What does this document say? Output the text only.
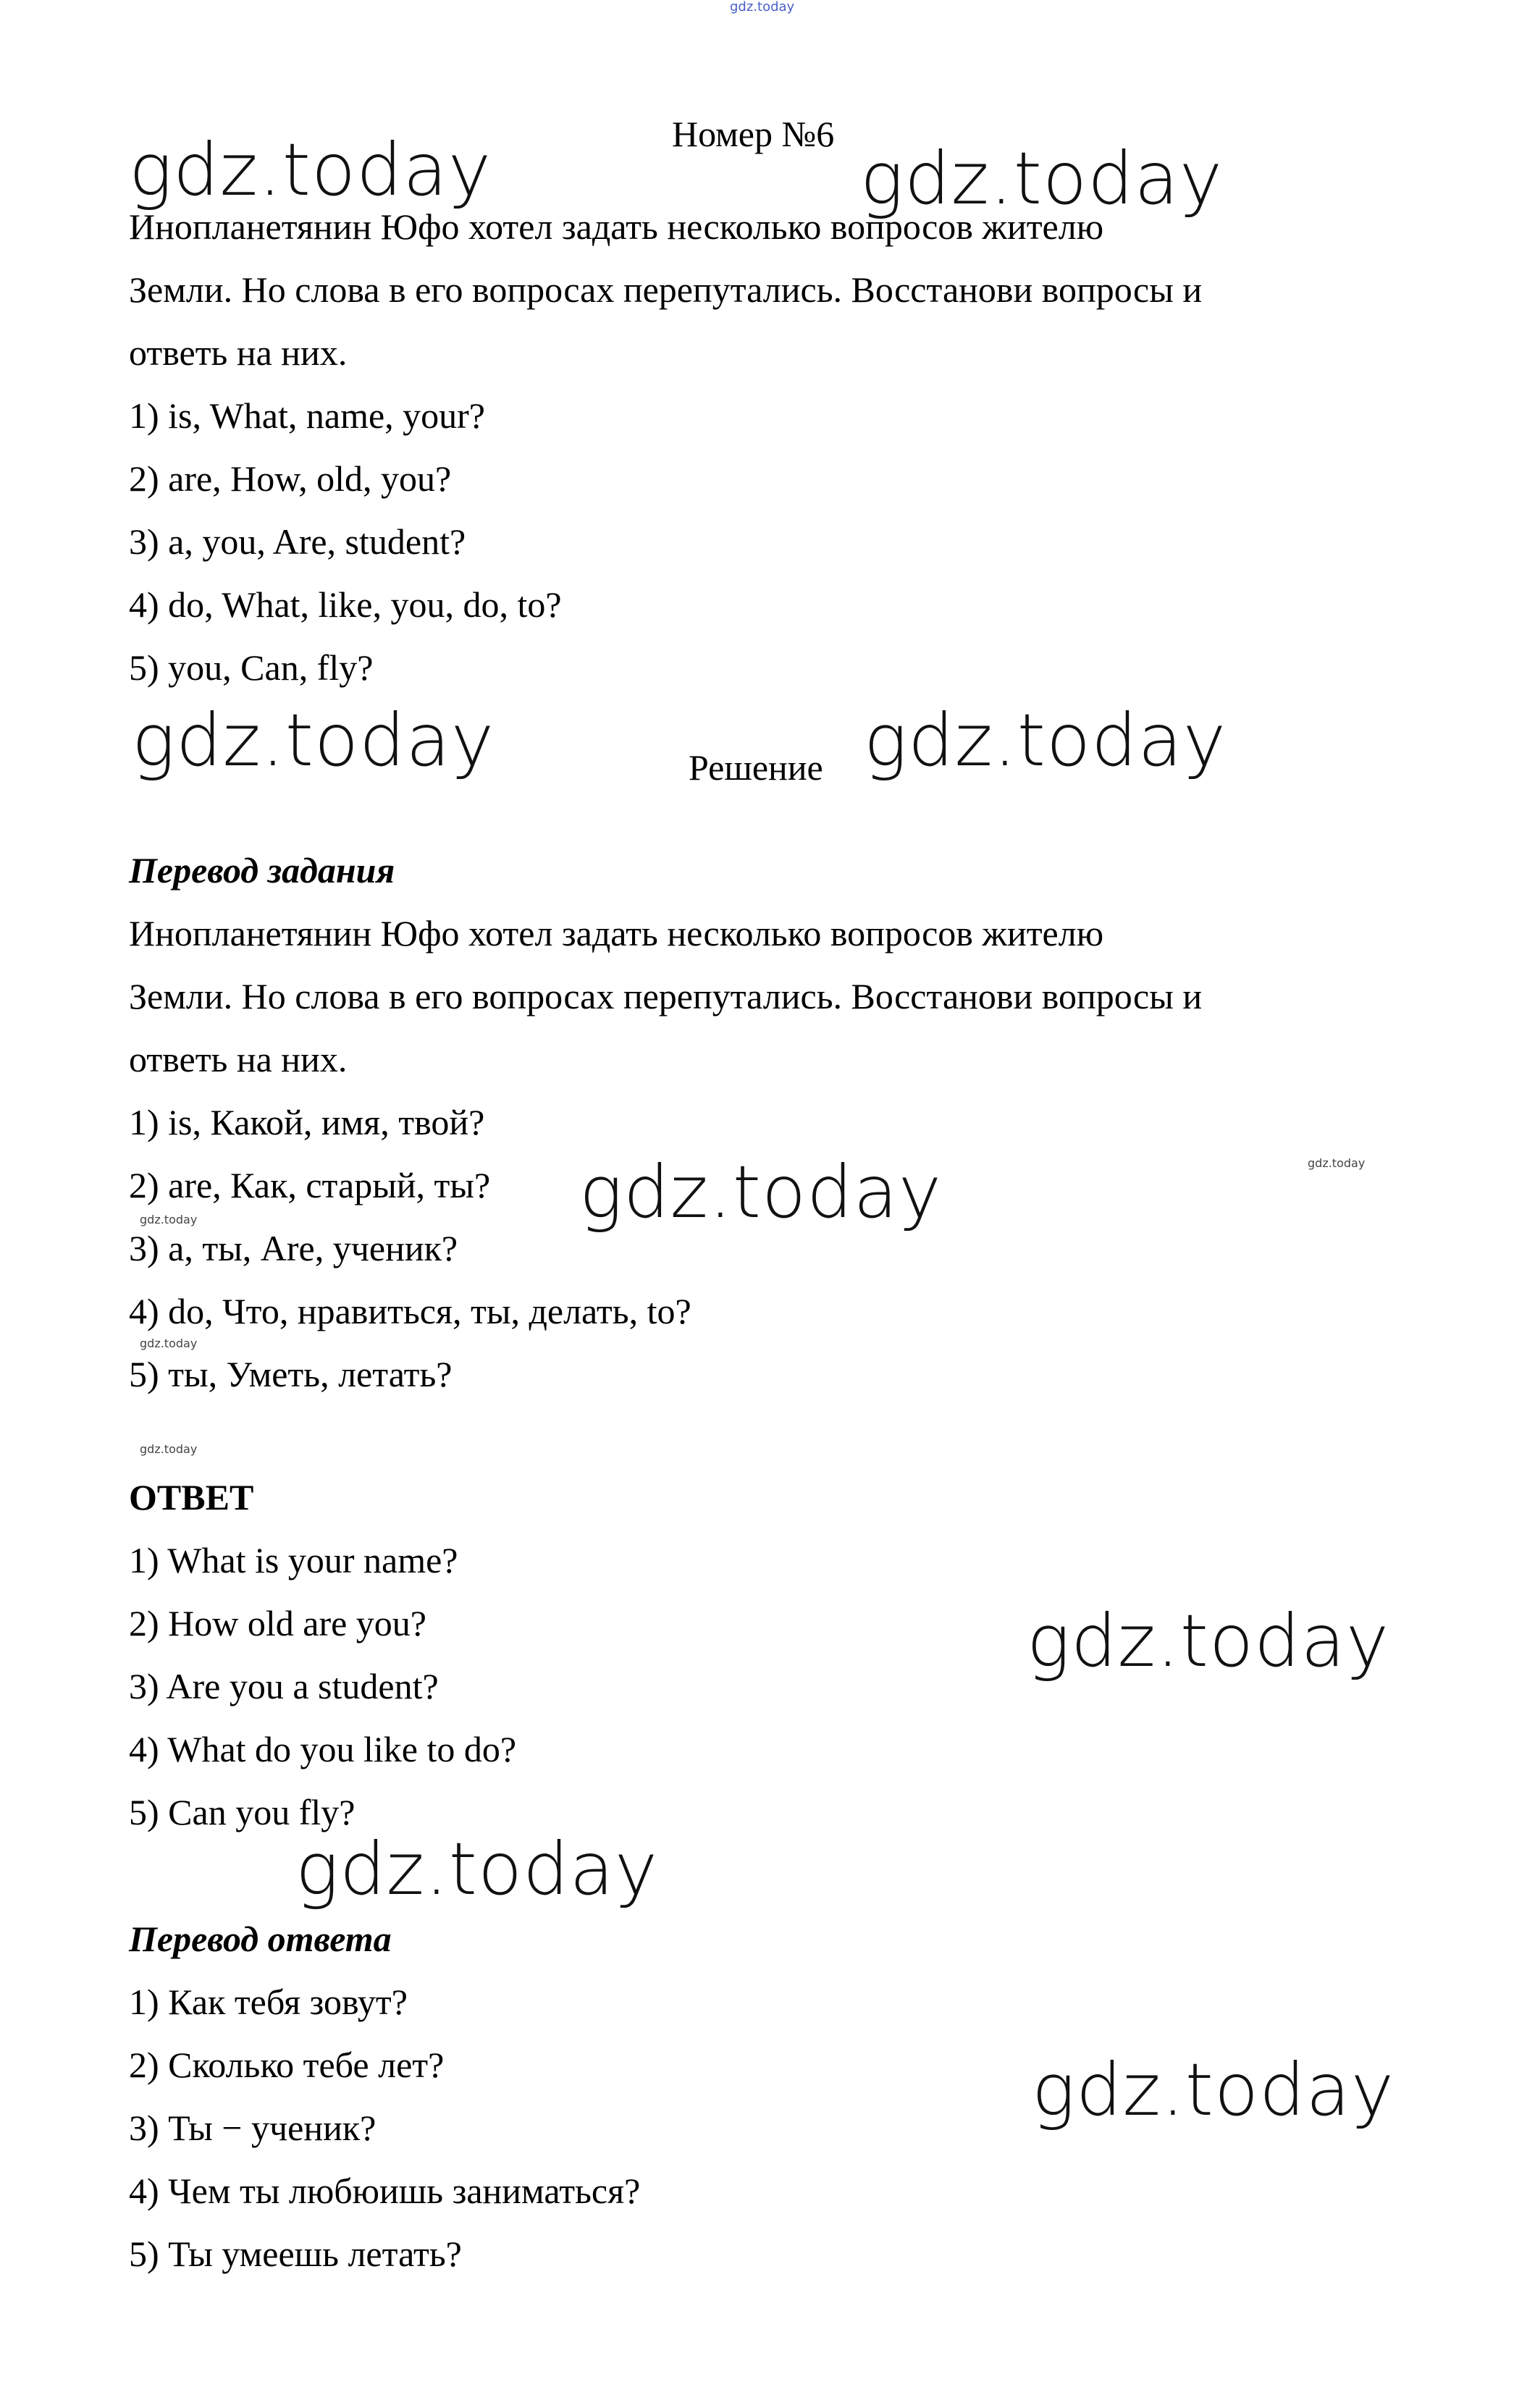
gdz.today
Номер №6
Инопланетянин Юфо хотел задать несколько вопросов жителю
Земли. Но слова в его вопросах перепутались. Восстанови вопросы и
ответь на них.
1) is, What, name, your?
2) are, How, old, you?
3) a, you, Are, student?
4) do, What, like, you, do, to?
5) you, Can, fly?
Решение
Перевод задания
Инопланетянин Юфо хотел задать несколько вопросов жителю
Земли. Но слова в его вопросах перепутались. Восстанови вопросы и
ответь на них.
1) is, Какой, имя, твой?
2) are, Как, старый, ты?
3) a, ты, Are, ученик?
4) do, Что, нравиться, ты, делать, to?
5) ты, Уметь, летать?
ОТВЕТ
1) What is your name?
2) How old are you?
3) Are you a student?
4) What do you like to do?
5) Can you fly?
Перевод ответа
1) Как тебя зовут?
2) Сколько тебе лет?
3) Ты − ученик?
4) Чем ты любюишь заниматься?
5) Ты умеешь летать?
gdz.today	gdz.today
gdz.today	gdz.today
gdz.today
gdz.today
gdz.today
gdz.today
gdz.today
gdz.today
gdz.today
gdz.today
